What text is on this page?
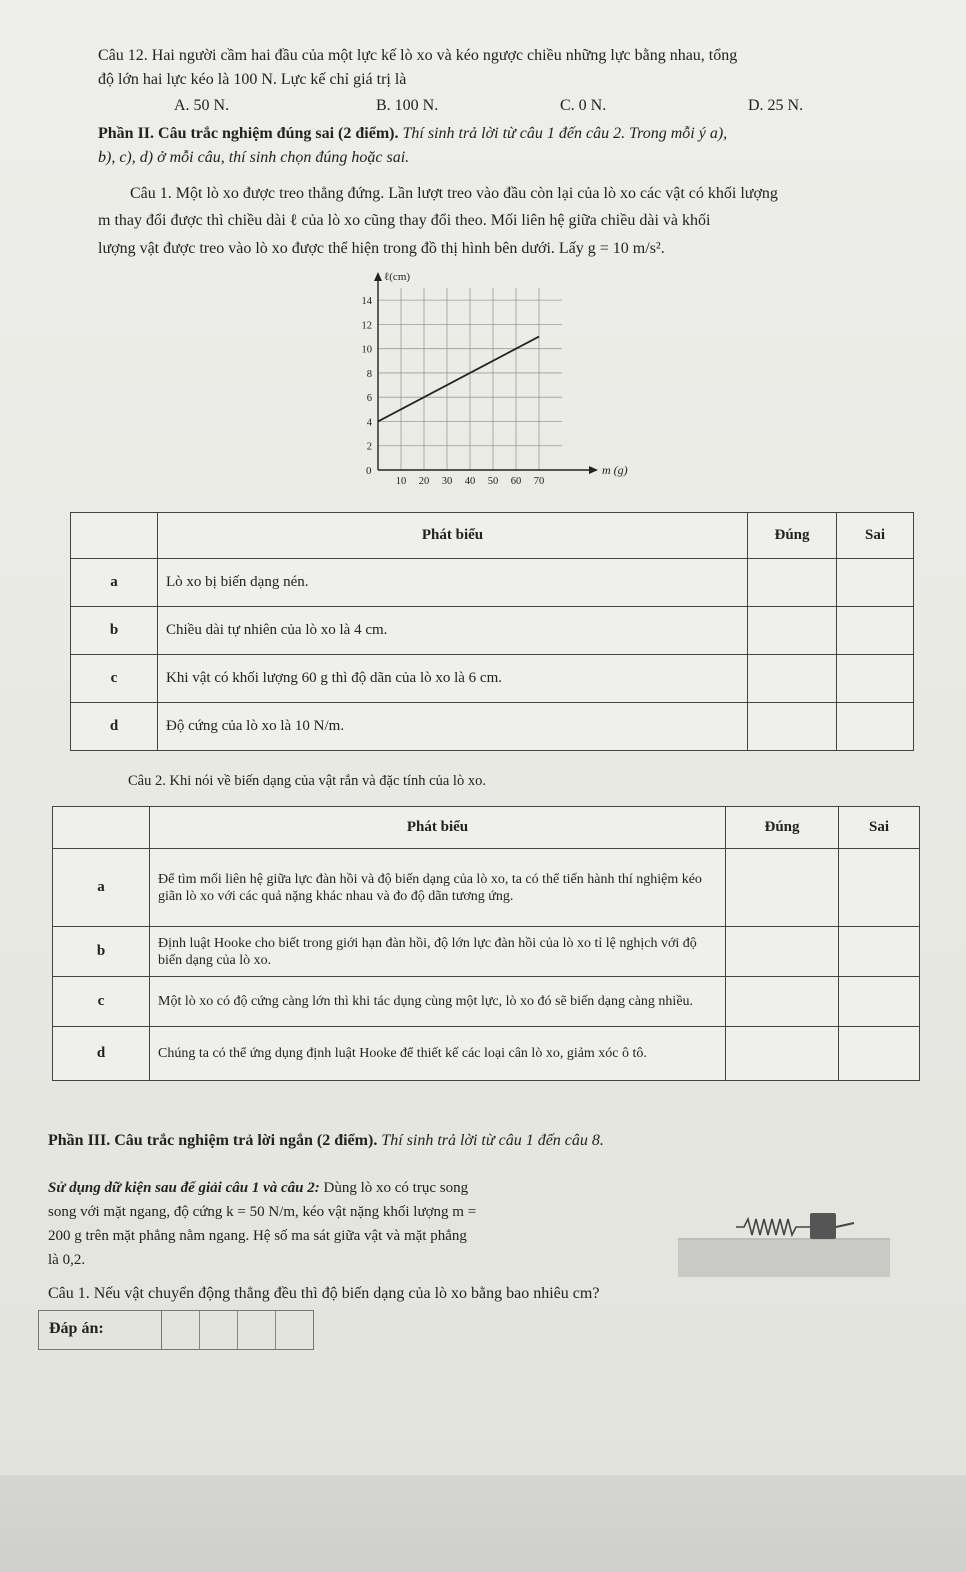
Câu 12. Hai người cầm hai đầu của một lực kế lò xo và kéo ngược chiều những lực bằng nhau, tổng
độ lớn hai lực kéo là 100 N. Lực kế chỉ giá trị là
A. 50 N.	B. 100 N.	C. 0 N.	D. 25 N.
Phần II. Câu trắc nghiệm đúng sai (2 điểm). Thí sinh trả lời từ câu 1 đến câu 2. Trong mỗi ý a),
b), c), d) ở mỗi câu, thí sinh chọn đúng hoặc sai.
Câu 1. Một lò xo được treo thẳng đứng. Lần lượt treo vào đầu còn lại của lò xo các vật có khối lượng
m thay đổi được thì chiều dài ℓ của lò xo cũng thay đổi theo. Mối liên hệ giữa chiều dài và khối
lượng vật được treo vào lò xo được thể hiện trong đồ thị hình bên dưới. Lấy g = 10 m/s².
10 20 30 40 50 60 70
2
4
6
8
10
12
14
ℓ(cm)
m (g)
0
	Phát biểu	Đúng	Sai
a	Lò xo bị biến dạng nén.		
b	Chiều dài tự nhiên của lò xo là 4 cm.		
c	Khi vật có khối lượng 60 g thì độ dãn của lò xo là 6 cm.		
d	Độ cứng của lò xo là 10 N/m.		
Câu 2. Khi nói về biến dạng của vật rắn và đặc tính của lò xo.
	Phát biểu	Đúng	Sai
a	Để tìm mối liên hệ giữa lực đàn hồi và độ biến dạng của lò xo, ta có thể tiến hành thí nghiệm kéo giãn lò xo với các quả nặng khác nhau và đo độ dãn tương ứng.		
b	Định luật Hooke cho biết trong giới hạn đàn hồi, độ lớn lực đàn hồi của lò xo tỉ lệ nghịch với độ biến dạng của lò xo.		
c	Một lò xo có độ cứng càng lớn thì khi tác dụng cùng một lực, lò xo đó sẽ biến dạng càng nhiều.		
d	Chúng ta có thể ứng dụng định luật Hooke để thiết kế các loại cân lò xo, giảm xóc ô tô.		
Phần III. Câu trắc nghiệm trả lời ngắn (2 điểm). Thí sinh trả lời từ câu 1 đến câu 8.
Sử dụng dữ kiện sau để giải câu 1 và câu 2: Dùng lò xo có trục song
song với mặt ngang, độ cứng k = 50 N/m, kéo vật nặng khối lượng m =
200 g trên mặt phẳng nằm ngang. Hệ số ma sát giữa vật và mặt phẳng
là 0,2.
Câu 1. Nếu vật chuyển động thẳng đều thì độ biến dạng của lò xo bằng bao nhiêu cm?
Đáp án:
